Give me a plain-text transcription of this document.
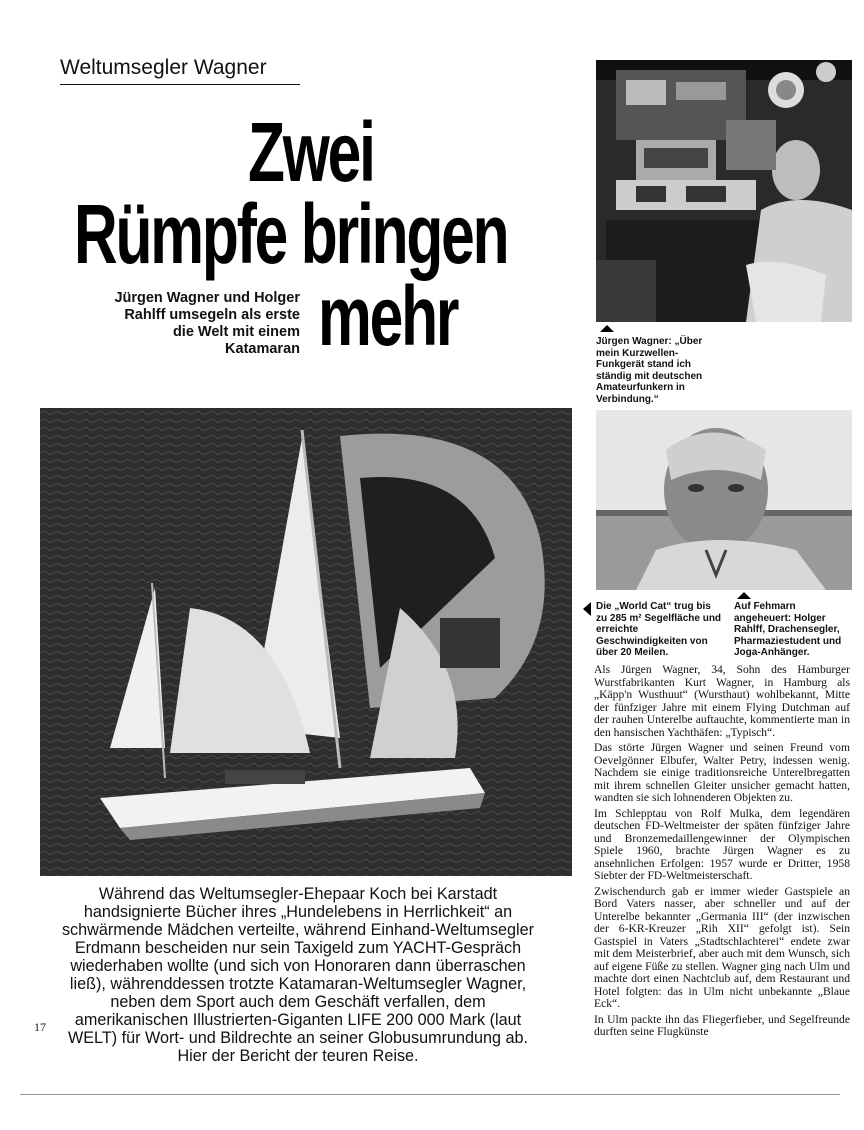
Weltumsegler Wagner
Zwei
Rümpfe bringen
mehr
Jürgen Wagner und Holger Rahlff umsegeln als erste die Welt mit einem Katamaran	Jürgen Wagner: „Über mein Kurzwellen-Funkgerät stand ich ständig mit deutschen Amateurfunkern in Verbindung.“
Die „World Cat“ trug bis zu 285 m² Segelfläche und erreichte Geschwindigkeiten von über 20 Meilen.
Auf Fehmarn angeheuert: Holger Rahlff, Drachensegler, Pharmaziestudent und Joga-Anhänger.
Während das Weltumsegler-Ehepaar Koch bei Karstadt handsignierte Bücher ihres „Hundelebens in Herrlichkeit“ an schwärmende Mädchen verteilte, während Einhand-Weltumsegler Erdmann bescheiden nur sein Taxigeld zum YACHT-Gespräch wiederhaben wollte (und sich von Honoraren dann überraschen ließ), währenddessen trotzte Katamaran-Weltumsegler Wagner, neben dem Sport auch dem Geschäft verfallen, dem amerikanischen Illustrierten-Giganten LIFE 200 000 Mark (laut WELT) für Wort- und Bildrechte an seiner Globusumrundung ab. Hier der Bericht der teuren Reise.
17

Als Jürgen Wagner, 34, Sohn des Hamburger Wurstfabrikanten Kurt Wagner, in Hamburg als „Käpp'n Wusthuut“ (Wursthaut) wohlbekannt, Mitte der fünfziger Jahre mit einem Flying Dutchman auf der rauhen Unterelbe auftauchte, kommentierte man in den hansischen Yachthäfen: „Typisch“.

Das störte Jürgen Wagner und seinen Freund vom Oevelgönner Elbufer, Walter Petry, indessen wenig. Nachdem sie einige traditionsreiche Unterelbregatten mit ihrem schnellen Gleiter unsicher gemacht hatten, wandten sie sich lohnenderen Objekten zu.

Im Schlepptau von Rolf Mulka, dem legendären deutschen FD-Weltmeister der späten fünfziger Jahre und Bronzemedaillengewinner der Olympischen Spiele 1960, brachte Jürgen Wagner es zu ansehnlichen Erfolgen: 1957 wurde er Dritter, 1958 Siebter der FD-Weltmeisterschaft.

Zwischendurch gab er immer wieder Gastspiele an Bord Vaters nasser, aber schneller und auf der Unterelbe bekannter „Germania III“ (der inzwischen der 6-KR-Kreuzer „Rih XII“ gefolgt ist). Sein Gastspiel in Vaters „Stadtschlachterei“ endete zwar mit dem Meisterbrief, aber auch mit dem Wunsch, sich auf eigene Füße zu stellen. Wagner ging nach Ulm und machte dort einen Nachtclub auf, dem Restaurant und Hotel folgten: das in Ulm nicht unbekannte „Blaue Eck“.

In Ulm packte ihn das Fliegerfieber, und Segelfreunde durften seine Flugkünste
